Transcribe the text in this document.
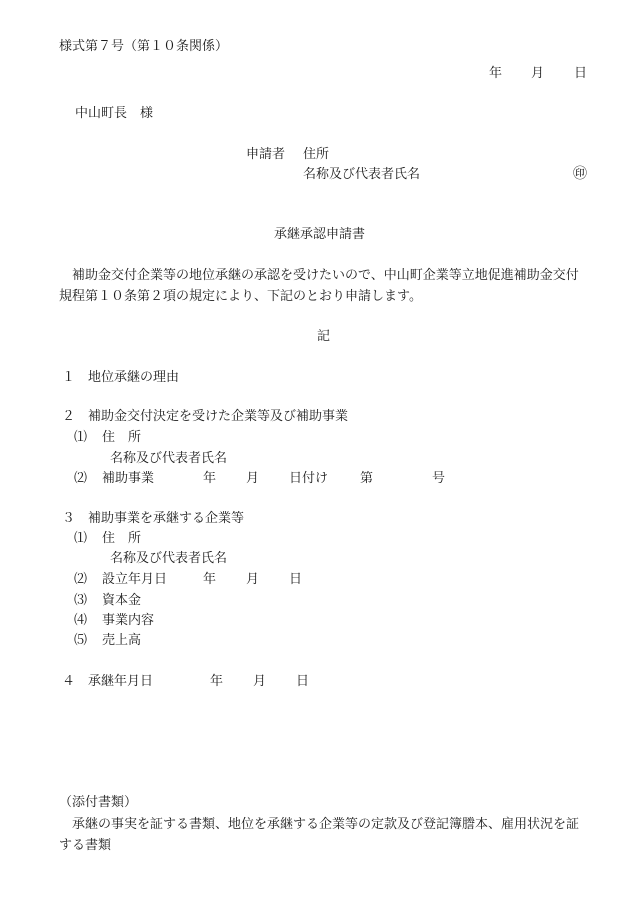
様式第７号（第１０条関係）
年 月 日
中山町長　様
申請者 住所
名称及び代表者氏名	㊞
承継承認申請書
補助金交付企業等の地位承継の承認を受けたいので、中山町企業等立地促進補助金交付規程第１０条第２項の規定により、下記のとおり申請します。
記
１　地位承継の理由
２　補助金交付決定を受けた企業等及び補助事業
⑴ 住　所
名称及び代表者氏名
⑵ 補助事業	年 月 日付け 第	号
３　補助事業を承継する企業等
⑴ 住　所
名称及び代表者氏名
⑵ 設立年月日	年 月 日
⑶ 資本金
⑷ 事業内容
⑸ 売上高
４　承継年月日	年 月 日
（添付書類）
承継の事実を証する書類、地位を承継する企業等の定款及び登記簿謄本、雇用状況を証する書類
